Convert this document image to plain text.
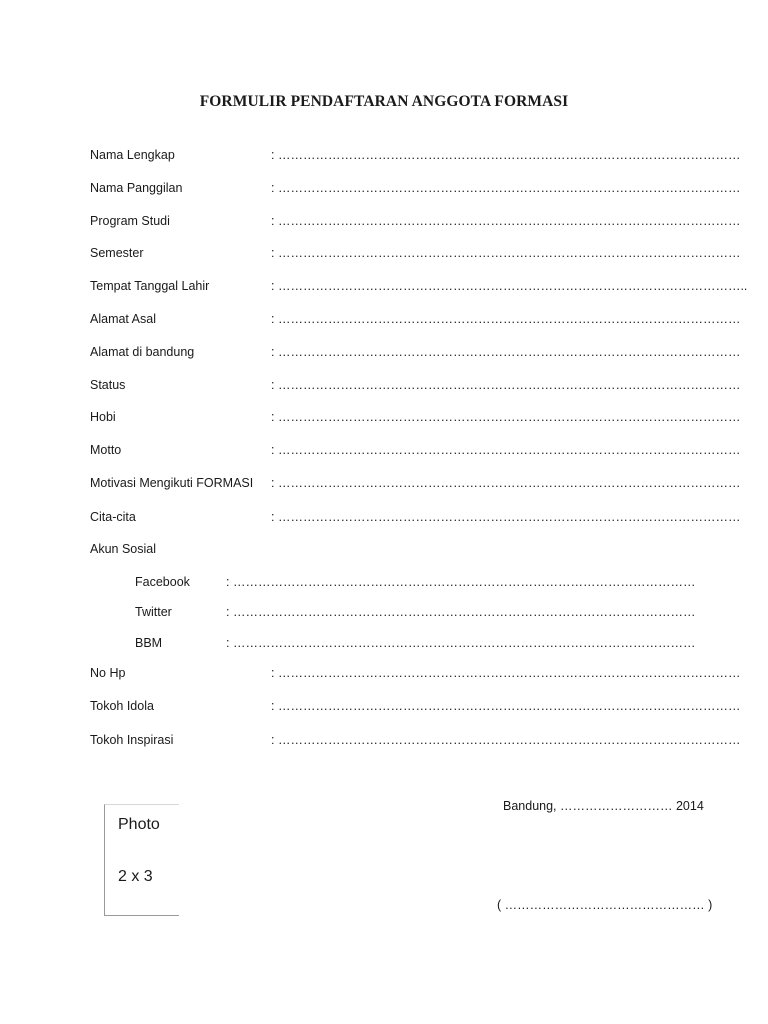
FORMULIR PENDAFTARAN ANGGOTA FORMASI
Nama Lengkap	: …………………………………………………………………………………………………
Nama Panggilan	: …………………………………………………………………………………………………
Program Studi	: …………………………………………………………………………………………………
Semester	: …………………………………………………………………………………………………
Tempat Tanggal Lahir	: …………………………………………………………………………………………………..
Alamat Asal	: …………………………………………………………………………………………………
Alamat di bandung	: …………………………………………………………………………………………………
Status	: …………………………………………………………………………………………………
Hobi	: …………………………………………………………………………………………………
Motto	: …………………………………………………………………………………………………
Motivasi Mengikuti FORMASI : …………………………………………………………………………………………………
Cita-cita	: …………………………………………………………………………………………………
Akun Sosial
Facebook	: …………………………………………………………………………………………………
Twitter	: …………………………………………………………………………………………………
BBM	: …………………………………………………………………………………………………
No Hp	: …………………………………………………………………………………………………
Tokoh Idola	: …………………………………………………………………………………………………
Tokoh Inspirasi	: …………………………………………………………………………………………………
Photo
2 x 3
Bandung, ……………………… 2014
( ………………………………………… )
